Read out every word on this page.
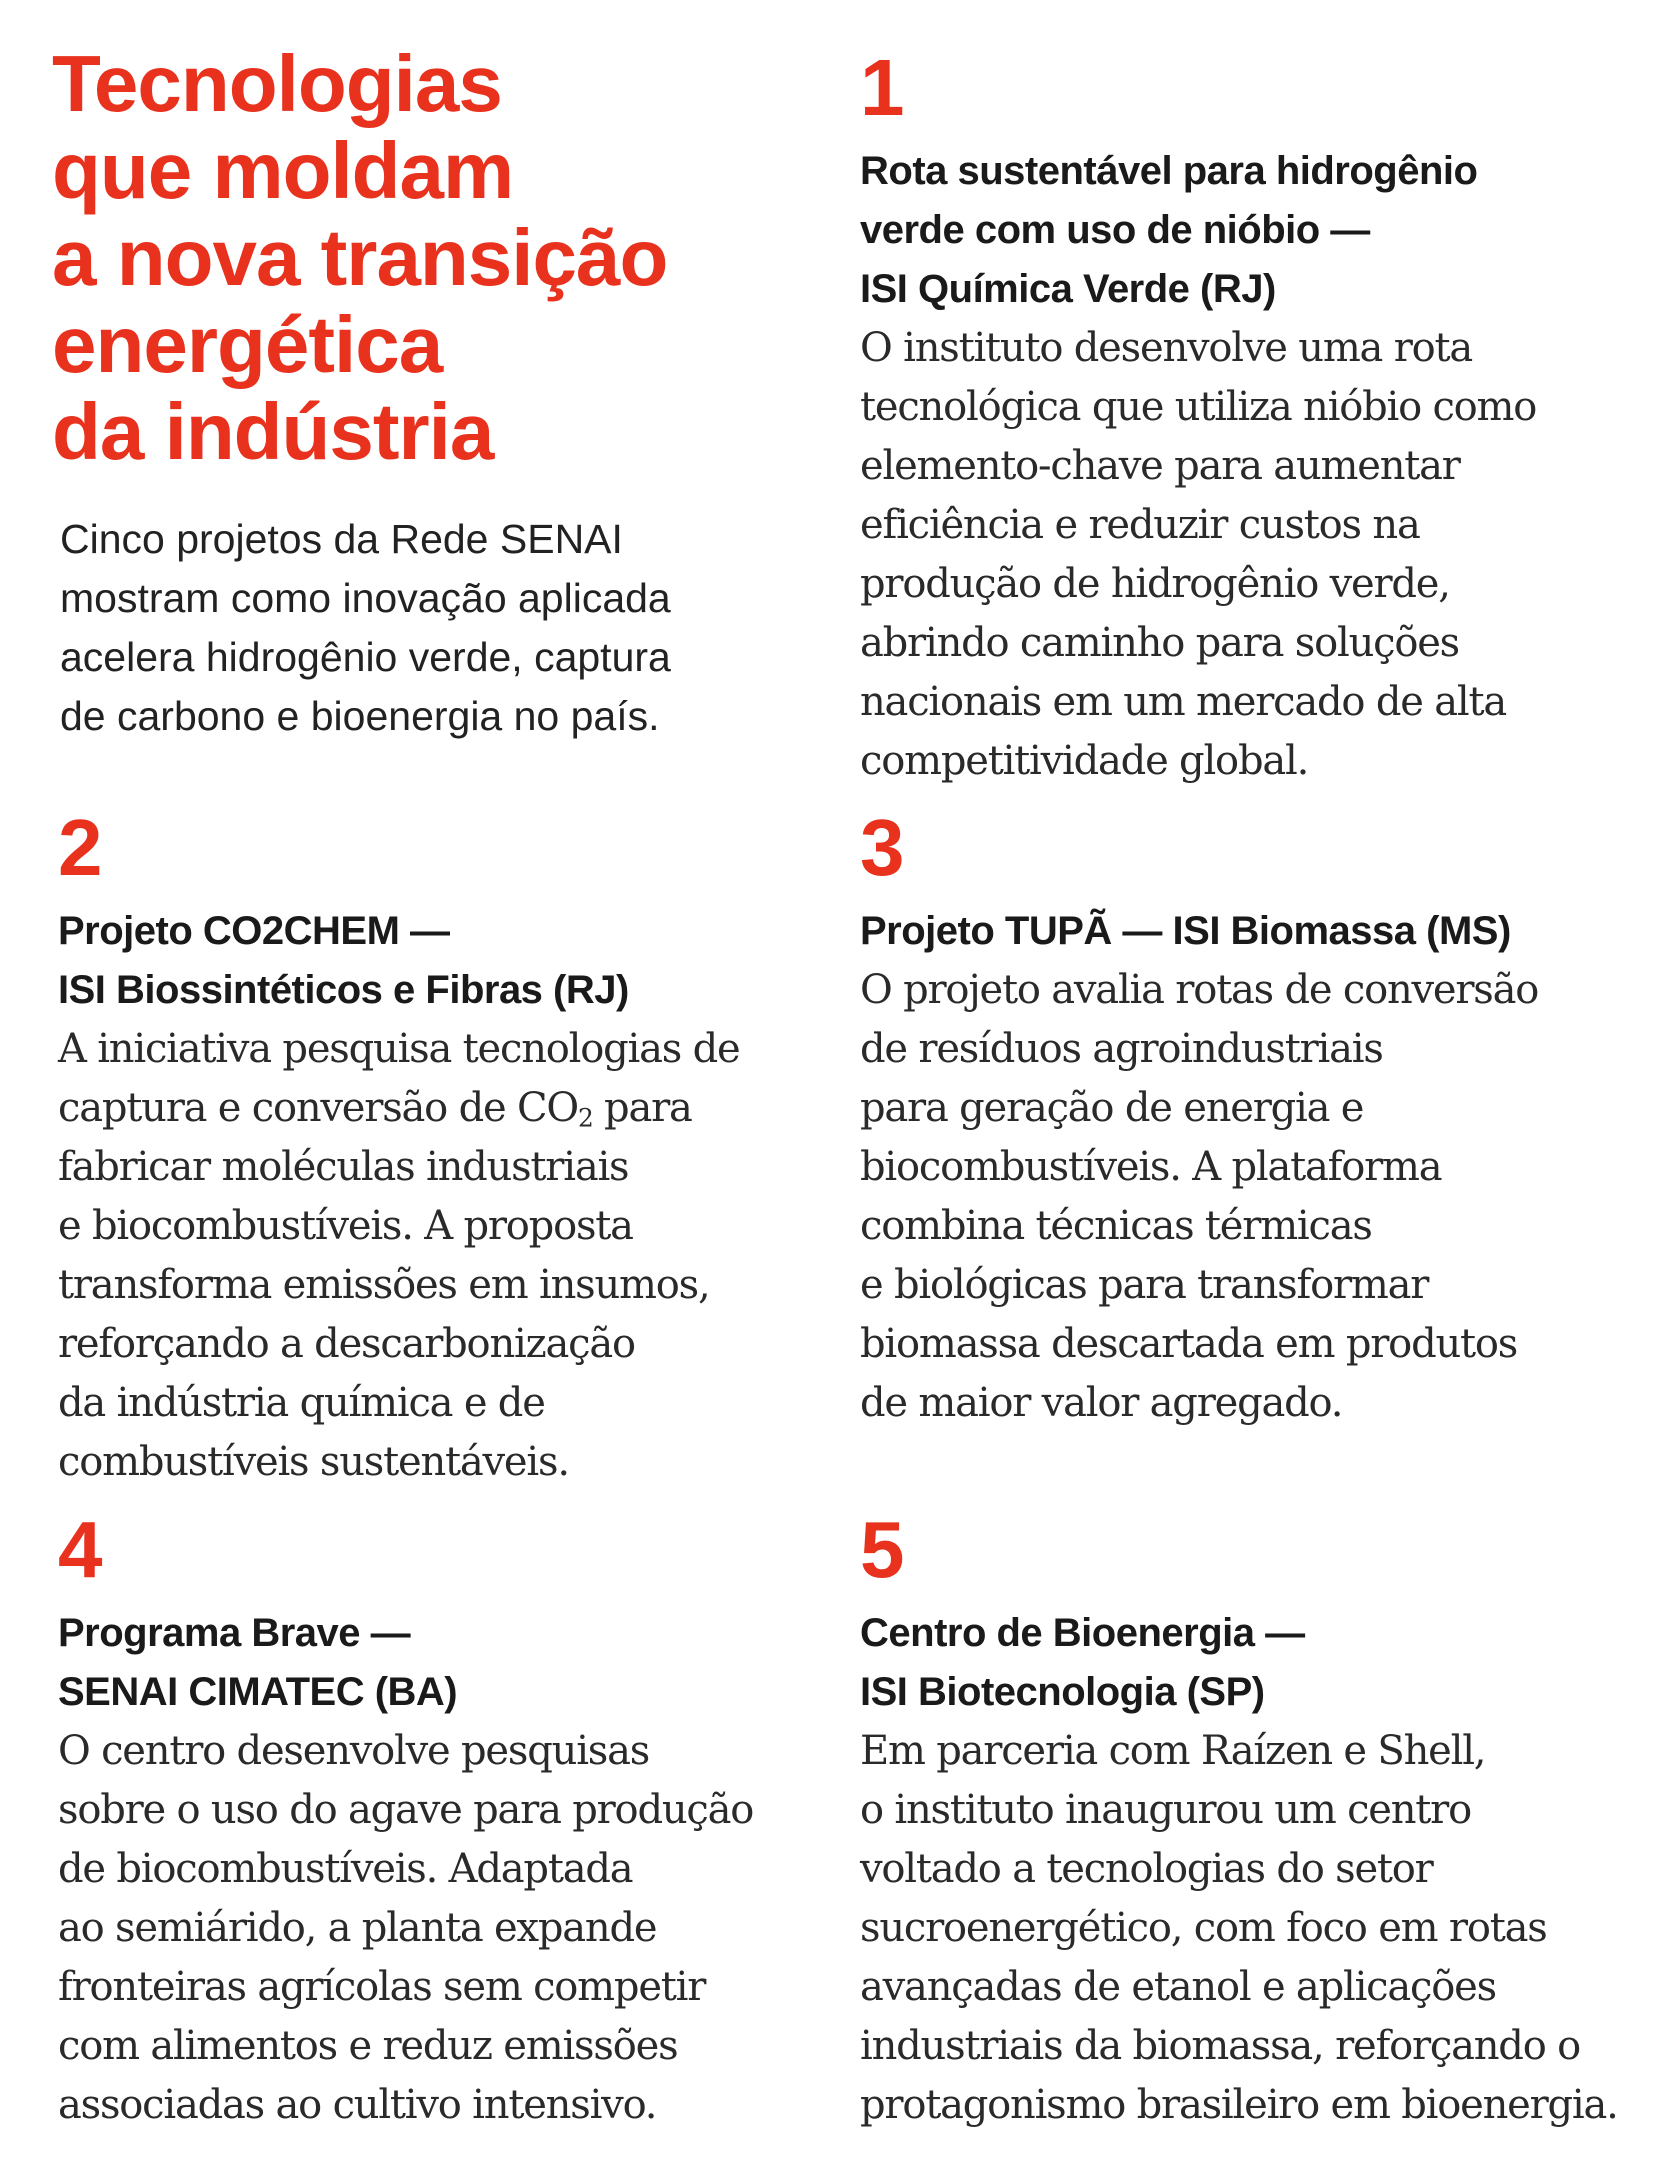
Tecnologias
que moldam
a nova transição
energética
da indústria
Cinco projetos da Rede SENAI
mostram como inovação aplicada
acelera hidrogênio verde, captura
de carbono e bioenergia no país.
1
Rota sustentável para hidrogênio
verde com uso de nióbio —
ISI Química Verde (RJ)
O instituto desenvolve uma rota
tecnológica que utiliza nióbio como
elemento-chave para aumentar
eficiência e reduzir custos na
produção de hidrogênio verde,
abrindo caminho para soluções
nacionais em um mercado de alta
competitividade global.
2
Projeto CO2CHEM —
ISI Biossintéticos e Fibras (RJ)
A iniciativa pesquisa tecnologias de
captura e conversão de $CO_2$ para
fabricar moléculas industriais
e biocombustíveis. A proposta
transforma emissões em insumos,
reforçando a descarbonização
da indústria química e de
combustíveis sustentáveis.
3
Projeto TUPÃ — ISI Biomassa (MS)
O projeto avalia rotas de conversão
de resíduos agroindustriais
para geração de energia e
biocombustíveis. A plataforma
combina técnicas térmicas
e biológicas para transformar
biomassa descartada em produtos
de maior valor agregado.
4
Programa Brave —
SENAI CIMATEC (BA)
O centro desenvolve pesquisas
sobre o uso do agave para produção
de biocombustíveis. Adaptada
ao semiárido, a planta expande
fronteiras agrícolas sem competir
com alimentos e reduz emissões
associadas ao cultivo intensivo.
5
Centro de Bioenergia —
ISI Biotecnologia (SP)
Em parceria com Raízen e Shell,
o instituto inaugurou um centro
voltado a tecnologias do setor
sucroenergético, com foco em rotas
avançadas de etanol e aplicações
industriais da biomassa, reforçando o
protagonismo brasileiro em bioenergia.
